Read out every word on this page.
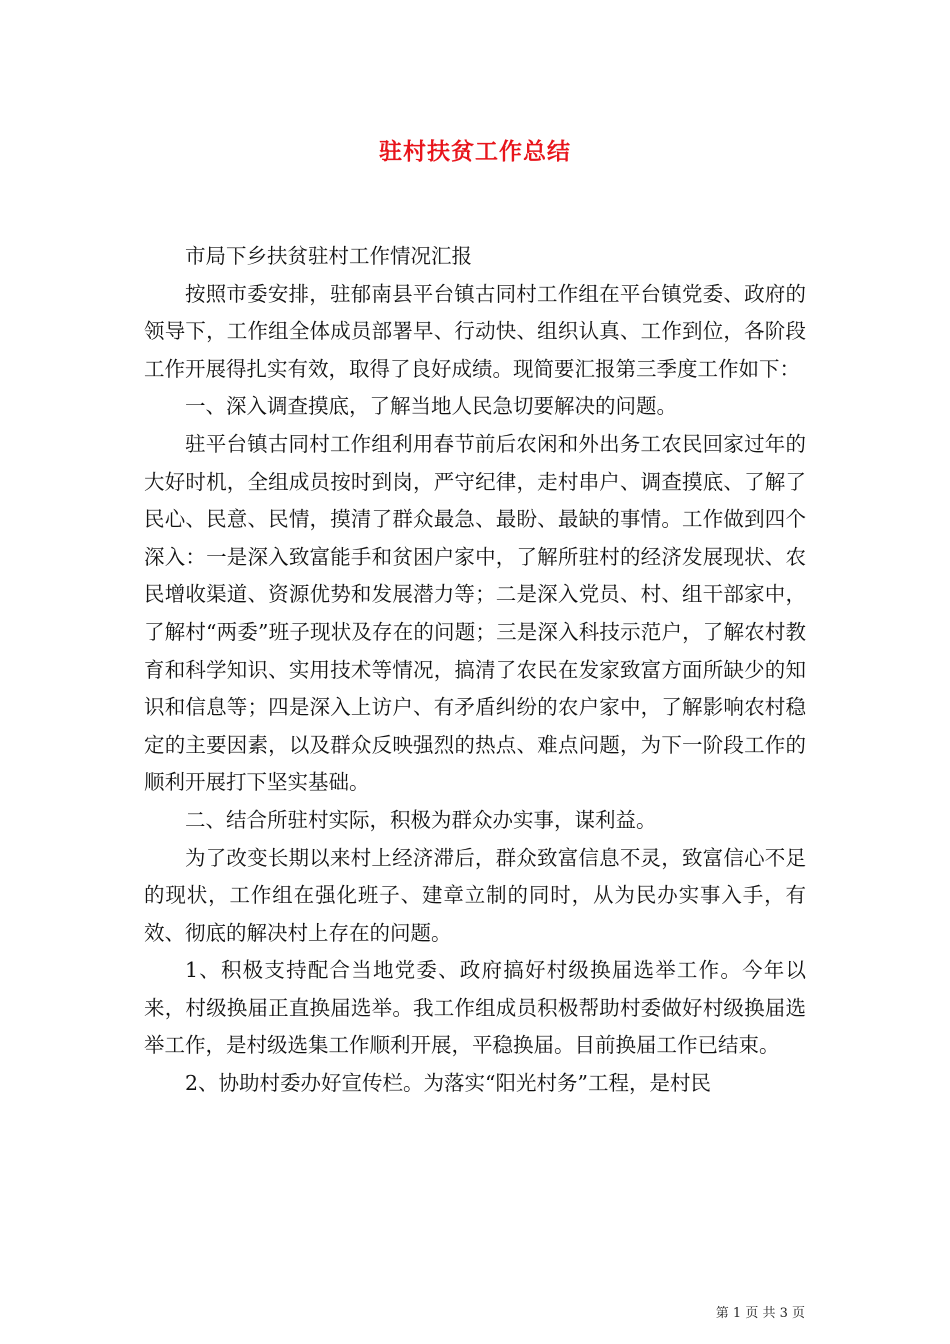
驻村扶贫工作总结

市局下乡扶贫驻村工作情况汇报

按照市委安排，驻郁南县平台镇古同村工作组在平台镇党委、政府的领导下，工作组全体成员部署早、行动快、组织认真、工作到位，各阶段工作开展得扎实有效，取得了良好成绩。现简要汇报第三季度工作如下：

一、深入调查摸底，了解当地人民急切要解决的问题。

驻平台镇古同村工作组利用春节前后农闲和外出务工农民回家过年的大好时机，全组成员按时到岗，严守纪律，走村串户、调查摸底、了解了民心、民意、民情，摸清了群众最急、最盼、最缺的事情。工作做到四个深入：一是深入致富能手和贫困户家中，了解所驻村的经济发展现状、农民增收渠道、资源优势和发展潜力等；二是深入党员、村、组干部家中，了解村“两委”班子现状及存在的问题；三是深入科技示范户，了解农村教育和科学知识、实用技术等情况，搞清了农民在发家致富方面所缺少的知识和信息等；四是深入上访户、有矛盾纠纷的农户家中，了解影响农村稳定的主要因素，以及群众反映强烈的热点、难点问题，为下一阶段工作的顺利开展打下坚实基础。

二、结合所驻村实际，积极为群众办实事，谋利益。

为了改变长期以来村上经济滞后，群众致富信息不灵，致富信心不足的现状，工作组在强化班子、建章立制的同时，从为民办实事入手，有效、彻底的解决村上存在的问题。

1、积极支持配合当地党委、政府搞好村级换届选举工作。今年以来，村级换届正直换届选举。我工作组成员积极帮助村委做好村级换届选举工作，是村级选集工作顺利开展，平稳换届。目前换届工作已结束。

2、协助村委办好宣传栏。为落实“阳光村务”工程，是村民

第 1 页 共 3 页
